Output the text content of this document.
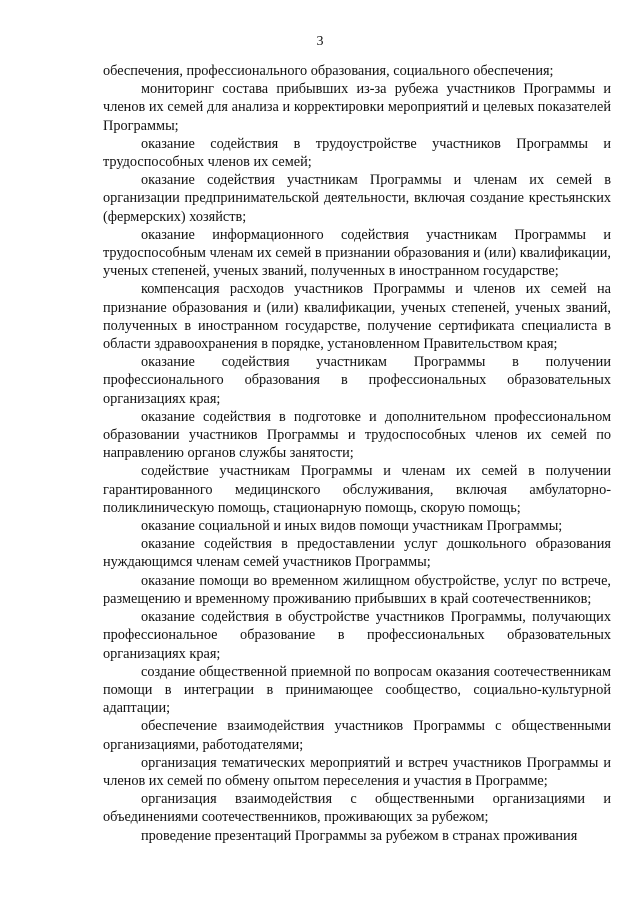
3

обеспечения, профессионального образования, социального обеспечения;

мониторинг состава прибывших из-за рубежа участников Программы и членов их семей для анализа и корректировки мероприятий и целевых показателей Программы;

оказание содействия в трудоустройстве участников Программы и трудоспособных членов их семей;

оказание содействия участникам Программы и членам их семей в организации предпринимательской деятельности, включая создание крестьянских (фермерских) хозяйств;

оказание информационного содействия участникам Программы и трудоспособным членам их семей в признании образования и (или) квалификации, ученых степеней, ученых званий, полученных в иностранном государстве;

компенсация расходов участников Программы и членов их семей на признание образования и (или) квалификации, ученых степеней, ученых званий, полученных в иностранном государстве, получение сертификата специалиста в области здравоохранения в порядке, установленном Правительством края;

оказание содействия участникам Программы в получении профессионального образования в профессиональных образовательных организациях края;

оказание содействия в подготовке и дополнительном профессиональном образовании участников Программы и трудоспособных членов их семей по направлению органов службы занятости;

содействие участникам Программы и членам их семей в получении гарантированного медицинского обслуживания, включая амбулаторно-поликлиническую помощь, стационарную помощь, скорую помощь;

оказание социальной и иных видов помощи участникам Программы;

оказание содействия в предоставлении услуг дошкольного образования нуждающимся членам семей участников Программы;

оказание помощи во временном жилищном обустройстве, услуг по встрече, размещению и временному проживанию прибывших в край соотечественников;

оказание содействия в обустройстве участников Программы, получающих профессиональное образование в профессиональных образовательных организациях края;

создание общественной приемной по вопросам оказания соотечественникам помощи в интеграции в принимающее сообщество, социально-культурной адаптации;

обеспечение взаимодействия участников Программы с общественными организациями, работодателями;

организация тематических мероприятий и встреч участников Программы и членов их семей по обмену опытом переселения и участия в Программе;

организация взаимодействия с общественными организациями и объединениями соотечественников, проживающих за рубежом;

проведение презентаций Программы за рубежом в странах проживания
